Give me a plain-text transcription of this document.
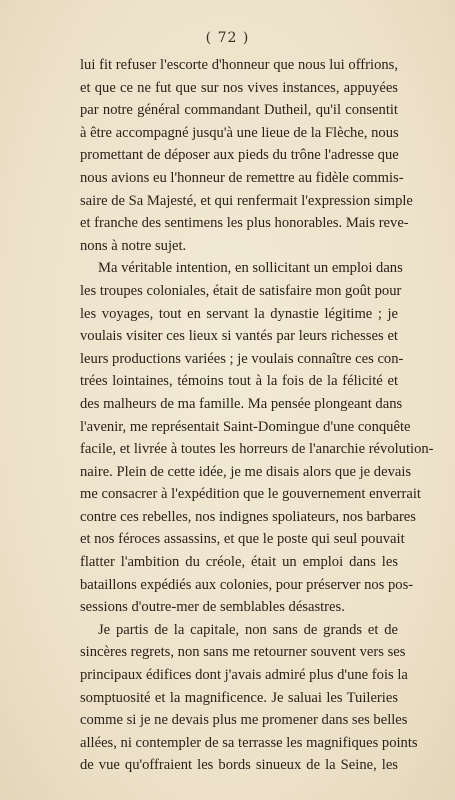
( 72 )
lui fit refuser l'escorte d'honneur que nous lui offrions,
et que ce ne fut que sur nos vives instances, appuyées
par notre général commandant Dutheil, qu'il consentit
à être accompagné jusqu'à une lieue de la Flèche, nous
promettant de déposer aux pieds du trône l'adresse que
nous avions eu l'honneur de remettre au fidèle commis-
saire de Sa Majesté, et qui renfermait l'expression simple
et franche des sentimens les plus honorables. Mais reve-
nons à notre sujet.
Ma véritable intention, en sollicitant un emploi dans
les troupes coloniales, était de satisfaire mon goût pour
les voyages, tout en servant la dynastie légitime ; je
voulais visiter ces lieux si vantés par leurs richesses et
leurs productions variées ; je voulais connaître ces con-
trées lointaines, témoins tout à la fois de la félicité et
des malheurs de ma famille. Ma pensée plongeant dans
l'avenir, me représentait Saint-Domingue d'une conquête
facile, et livrée à toutes les horreurs de l'anarchie révolution-
naire. Plein de cette idée, je me disais alors que je devais
me consacrer à l'expédition que le gouvernement enverrait
contre ces rebelles, nos indignes spoliateurs, nos barbares
et nos féroces assassins, et que le poste qui seul pouvait
flatter l'ambition du créole, était un emploi dans les
bataillons expédiés aux colonies, pour préserver nos pos-
sessions d'outre-mer de semblables désastres.
Je partis de la capitale, non sans de grands et de
sincères regrets, non sans me retourner souvent vers ses
principaux édifices dont j'avais admiré plus d'une fois la
somptuosité et la magnificence. Je saluai les Tuileries
comme si je ne devais plus me promener dans ses belles
allées, ni contempler de sa terrasse les magnifiques points
de vue qu'offraient les bords sinueux de la Seine, les
